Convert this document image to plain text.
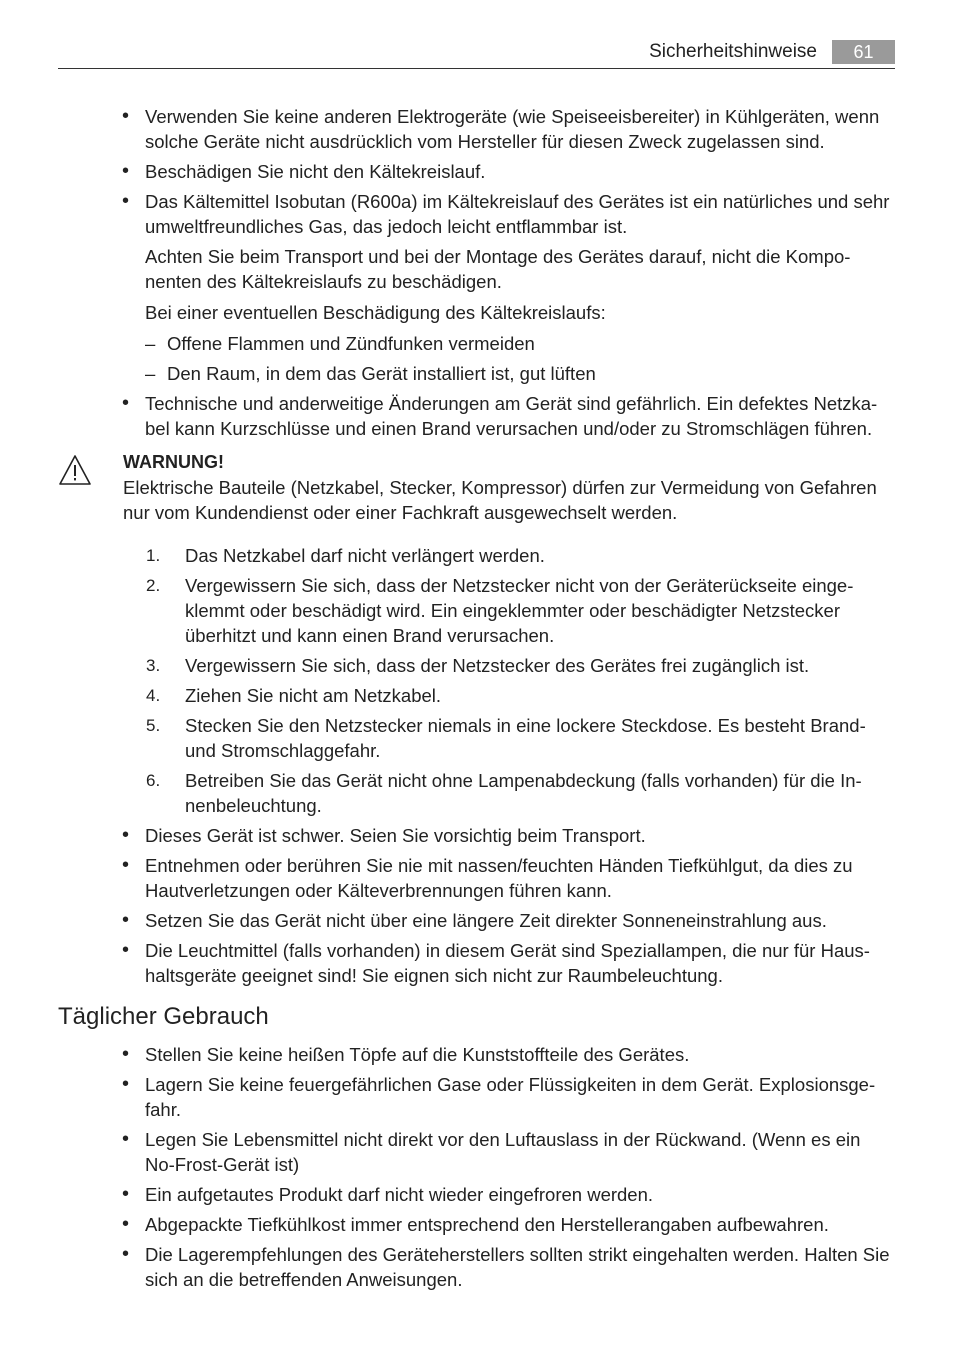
Sicherheitshinweise	61
• Verwenden Sie keine anderen Elektrogeräte (wie Speiseeisbereiter) in Kühlgeräten, wenn solche Geräte nicht ausdrücklich vom Hersteller für diesen Zweck zugelassen sind.
• Beschädigen Sie nicht den Kältekreislauf.
• Das Kältemittel Isobutan (R600a) im Kältekreislauf des Gerätes ist ein natürliches und sehr umweltfreundliches Gas, das jedoch leicht entflammbar ist.
Achten Sie beim Transport und bei der Montage des Gerätes darauf, nicht die Komponenten des Kältekreislaufs zu beschädigen.
Bei einer eventuellen Beschädigung des Kältekreislaufs:
– Offene Flammen und Zündfunken vermeiden
– Den Raum, in dem das Gerät installiert ist, gut lüften
• Technische und anderweitige Änderungen am Gerät sind gefährlich. Ein defektes Netzkabel kann Kurzschlüsse und einen Brand verursachen und/oder zu Stromschlägen führen.
WARNUNG!
Elektrische Bauteile (Netzkabel, Stecker, Kompressor) dürfen zur Vermeidung von Gefahren nur vom Kundendienst oder einer Fachkraft ausgewechselt werden.
1. Das Netzkabel darf nicht verlängert werden.
2. Vergewissern Sie sich, dass der Netzstecker nicht von der Geräterückseite eingeklemmt oder beschädigt wird. Ein eingeklemmter oder beschädigter Netzstecker überhitzt und kann einen Brand verursachen.
3. Vergewissern Sie sich, dass der Netzstecker des Gerätes frei zugänglich ist.
4. Ziehen Sie nicht am Netzkabel.
5. Stecken Sie den Netzstecker niemals in eine lockere Steckdose. Es besteht Brand- und Stromschlaggefahr.
6. Betreiben Sie das Gerät nicht ohne Lampenabdeckung (falls vorhanden) für die Innenbeleuchtung.
• Dieses Gerät ist schwer. Seien Sie vorsichtig beim Transport.
• Entnehmen oder berühren Sie nie mit nassen/feuchten Händen Tiefkühlgut, da dies zu Hautverletzungen oder Kälteverbrennungen führen kann.
• Setzen Sie das Gerät nicht über eine längere Zeit direkter Sonneneinstrahlung aus.
• Die Leuchtmittel (falls vorhanden) in diesem Gerät sind Speziallampen, die nur für Haushaltsgeräte geeignet sind! Sie eignen sich nicht zur Raumbeleuchtung.
Täglicher Gebrauch
• Stellen Sie keine heißen Töpfe auf die Kunststoffteile des Gerätes.
• Lagern Sie keine feuergefährlichen Gase oder Flüssigkeiten in dem Gerät. Explosionsgefahr.
• Legen Sie Lebensmittel nicht direkt vor den Luftauslass in der Rückwand. (Wenn es ein No-Frost-Gerät ist)
• Ein aufgetautes Produkt darf nicht wieder eingefroren werden.
• Abgepackte Tiefkühlkost immer entsprechend den Herstellerangaben aufbewahren.
• Die Lagerempfehlungen des Geräteherstellers sollten strikt eingehalten werden. Halten Sie sich an die betreffenden Anweisungen.
